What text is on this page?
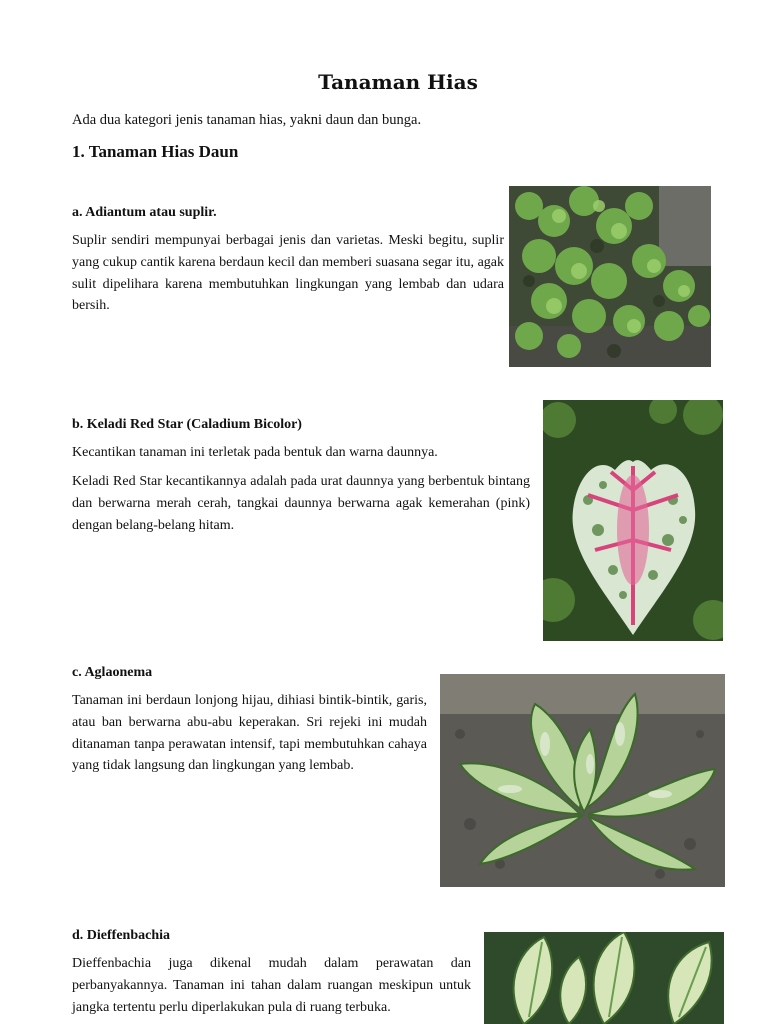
Tanaman Hias
Ada dua kategori jenis tanaman hias, yakni daun dan bunga.
1. Tanaman Hias Daun
a. Adiantum atau suplir.

Suplir sendiri mempunyai berbagai jenis dan varietas. Meski begitu, suplir yang cukup cantik karena berdaun kecil dan memberi suasana segar itu, agak sulit dipelihara karena membutuhkan lingkungan yang lembab dan udara bersih.

b. Keladi Red Star (Caladium Bicolor)

Kecantikan tanaman ini terletak pada bentuk dan warna daunnya.

Keladi Red Star kecantikannya adalah pada urat daunnya yang berbentuk bintang dan berwarna merah cerah, tangkai daunnya berwarna agak kemerahan (pink) dengan belang-belang hitam.

c. Aglaonema

Tanaman ini berdaun lonjong hijau, dihiasi bintik-bintik, garis, atau ban berwarna abu-abu keperakan. Sri rejeki ini mudah ditanaman tanpa perawatan intensif, tapi membutuhkan cahaya yang tidak langsung dan lingkungan yang lembab.

d. Dieffenbachia

Dieffenbachia juga dikenal mudah dalam perawatan dan perbanyakannya. Tanaman ini tahan dalam ruangan meskipun untuk jangka tertentu perlu diperlakukan pula di ruang terbuka.
